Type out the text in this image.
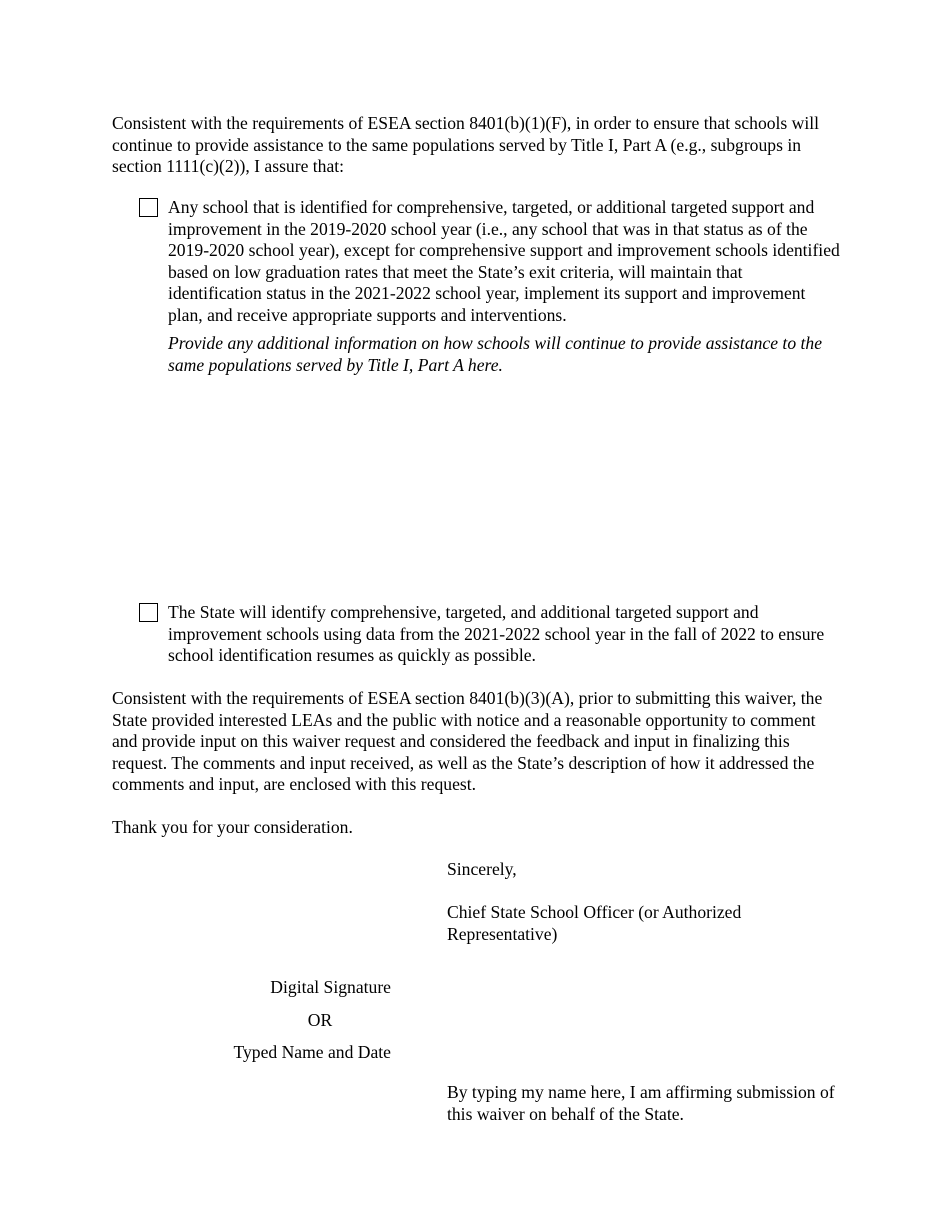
Consistent with the requirements of ESEA section 8401(b)(1)(F), in order to ensure that schools will continue to provide assistance to the same populations served by Title I, Part A (e.g., subgroups in section 1111(c)(2)), I assure that:

Any school that is identified for comprehensive, targeted, or additional targeted support and improvement in the 2019-2020 school year (i.e., any school that was in that status as of the 2019-2020 school year), except for comprehensive support and improvement schools identified based on low graduation rates that meet the State’s exit criteria, will maintain that identification status in the 2021-2022 school year, implement its support and improvement plan, and receive appropriate supports and interventions.

Provide any additional information on how schools will continue to provide assistance to the same populations served by Title I, Part A here.

The State will identify comprehensive, targeted, and additional targeted support and improvement schools using data from the 2021-2022 school year in the fall of 2022 to ensure school identification resumes as quickly as possible.

Consistent with the requirements of ESEA section 8401(b)(3)(A), prior to submitting this waiver, the State provided interested LEAs and the public with notice and a reasonable opportunity to comment and provide input on this waiver request and considered the feedback and input in finalizing this request. The comments and input received, as well as the State’s description of how it addressed the comments and input, are enclosed with this request.

Thank you for your consideration.

Sincerely,

Chief State School Officer (or Authorized Representative)

Digital Signature

OR

Typed Name and Date

By typing my name here, I am affirming submission of this waiver on behalf of the State.
